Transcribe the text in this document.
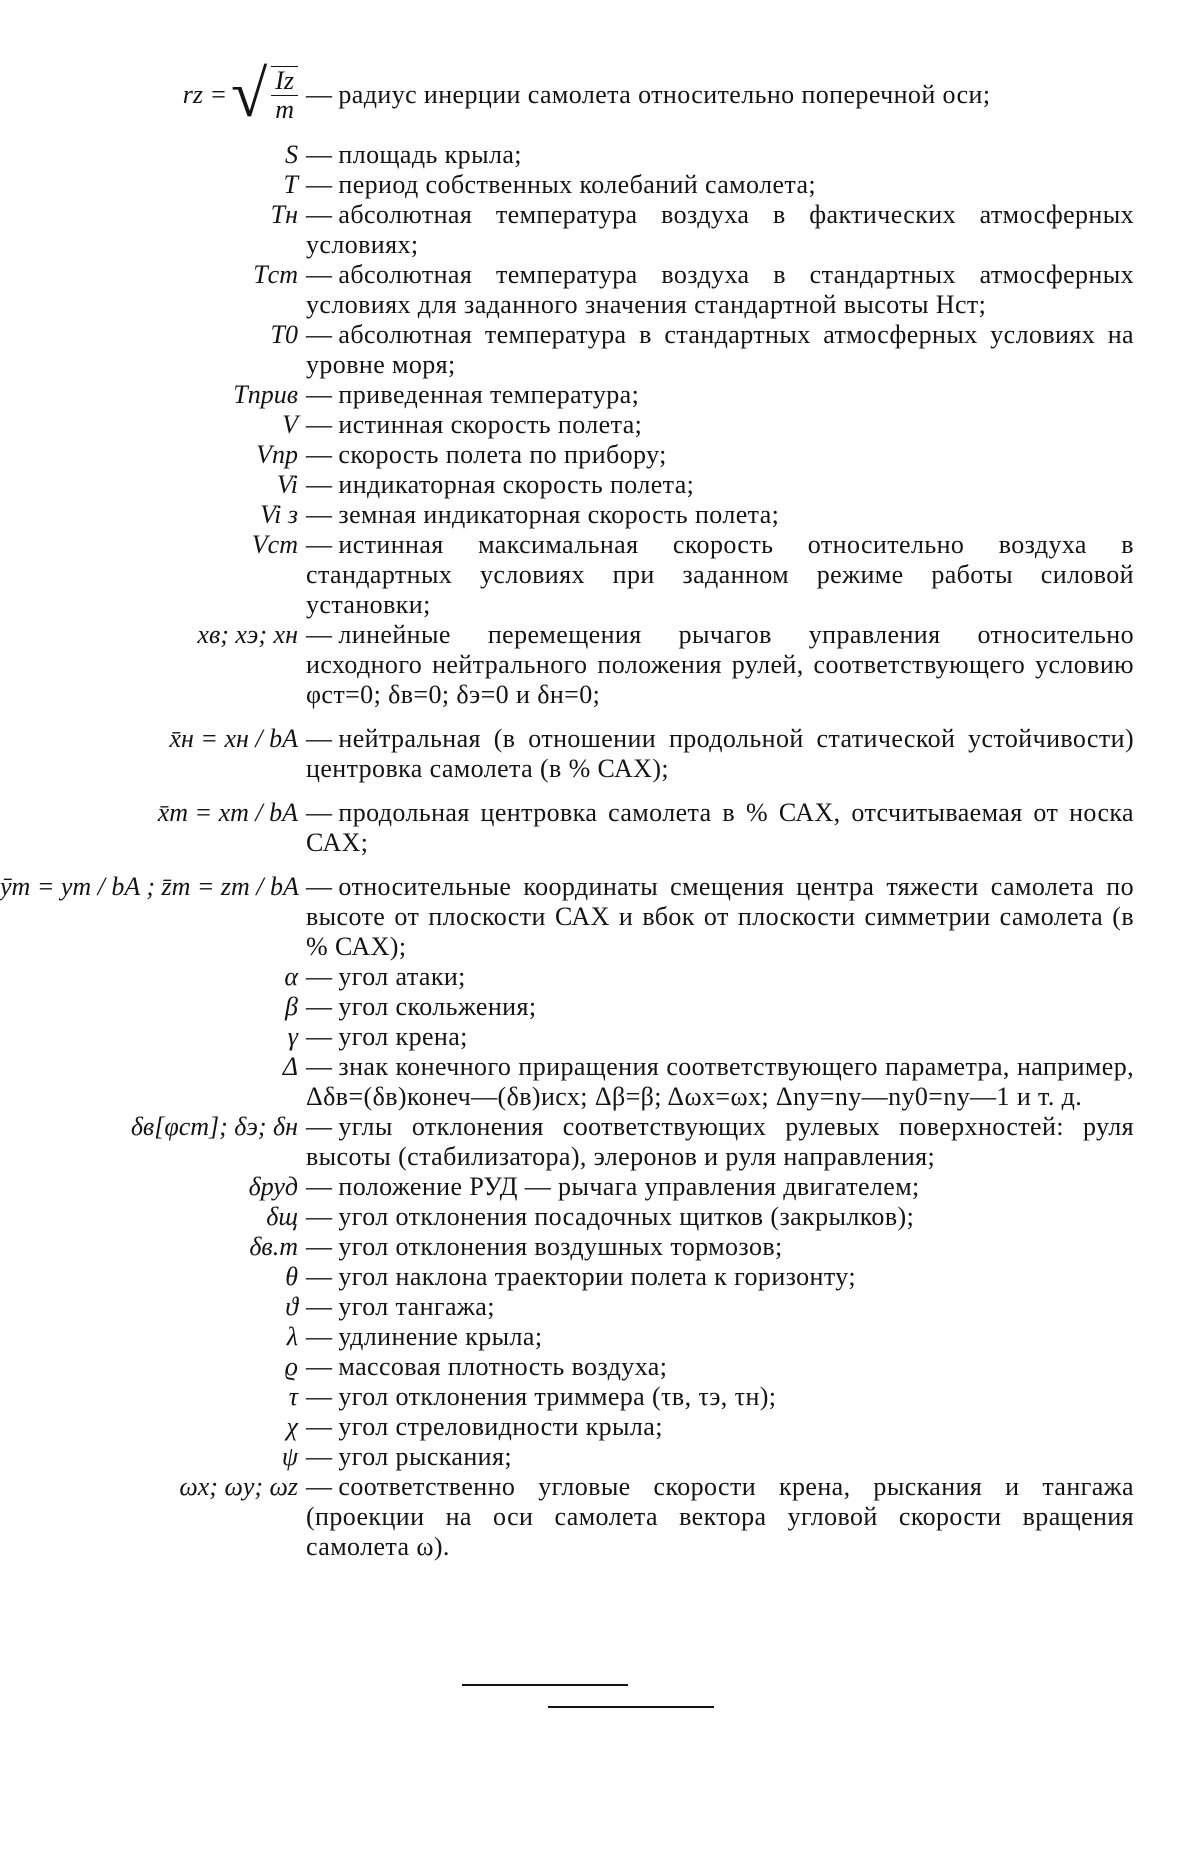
rz = √ $\frac{Iz}{m}$ — радиус инерции самолета относительно поперечной оси;
S — площадь крыла;
T — период собственных колебаний самолета;
Tн — абсолютная температура воздуха в фактических атмосферных условиях;
Tст — абсолютная температура воздуха в стандартных атмосферных условиях для заданного значения стандартной высоты Hст;
T0 — абсолютная температура в стандартных атмосферных условиях на уровне моря;
Tприв — приведенная температура;
V — истинная скорость полета;
Vпр — скорость полета по прибору;
Vi — индикаторная скорость полета;
Vi з — земная индикаторная скорость полета;
Vст — истинная максимальная скорость относительно воздуха в стандартных условиях при заданном режиме работы силовой установки;
xв; xэ; xн — линейные перемещения рычагов управления относительно исходного нейтрального положения рулей, соответствующего условию φст=0; δв=0; δэ=0 и δн=0;
x̄н = xн / bA — нейтральная (в отношении продольной статической устойчивости) центровка самолета (в % САХ);
x̄т = xт / bA — продольная центровка самолета в % САХ, отсчитываемая от носка САХ;
ȳт = yт / bA ; z̄т = zт / bA — относительные координаты смещения центра тяжести самолета по высоте от плоскости САХ и вбок от плоскости симметрии самолета (в % САХ);
α — угол атаки;
β — угол скольжения;
γ — угол крена;
Δ — знак конечного приращения соответствующего параметра, например, Δδв=(δв)конеч—(δв)исх; Δβ=β; Δωx=ωx; Δny=ny—ny0=ny—1 и т. д.
δв[φст]; δэ; δн — углы отклонения соответствующих рулевых поверхностей: руля высоты (стабилизатора), элеронов и руля направления;
δруд — положение РУД — рычага управления двигателем;
δщ — угол отклонения посадочных щитков (закрылков);
δв.т — угол отклонения воздушных тормозов;
θ — угол наклона траектории полета к горизонту;
ϑ — угол тангажа;
λ — удлинение крыла;
ϱ — массовая плотность воздуха;
τ — угол отклонения триммера (τв, τэ, τн);
χ — угол стреловидности крыла;
ψ — угол рыскания;
ωx; ωy; ωz — соответственно угловые скорости крена, рыскания и тангажа (проекции на оси самолета вектора угловой скорости вращения самолета ω).
